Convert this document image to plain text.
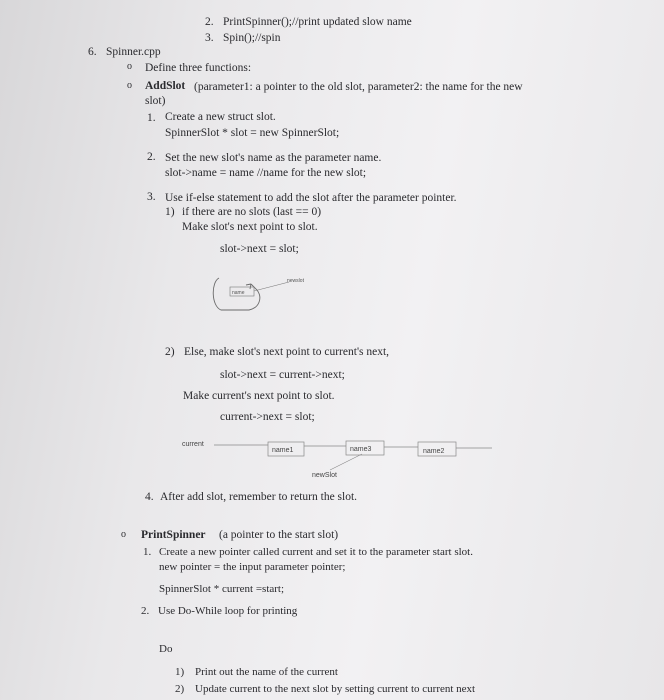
2. PrintSpinner();//print updated slow name
3. Spin();//spin
6. Spinner.cpp
o Define three functions:
o AddSlot (parameter1: a pointer to the old slot, parameter2: the name for the new
slot)
1. Create a new struct slot.
SpinnerSlot * slot = new SpinnerSlot;
2. Set the new slot's name as the parameter name.
slot->name = name //name for the new slot;
3. Use if-else statement to add the slot after the parameter pointer.
1) if there are no slots (last == 0)
Make slot's next point to slot.
slot->next = slot;
name
newslot
2) Else, make slot's next point to current's next,
slot->next = current->next;
Make current's next point to slot.
current->next = slot;
current
name1	name3	name2
newSlot
4. After add slot, remember to return the slot.
o PrintSpinner (a pointer to the start slot)
1. Create a new pointer called current and set it to the parameter start slot.
new pointer = the input parameter pointer;
SpinnerSlot * current =start;
2. Use Do-While loop for printing
Do
1) Print out the name of the current
2) Update current to the next slot by setting current to current next
